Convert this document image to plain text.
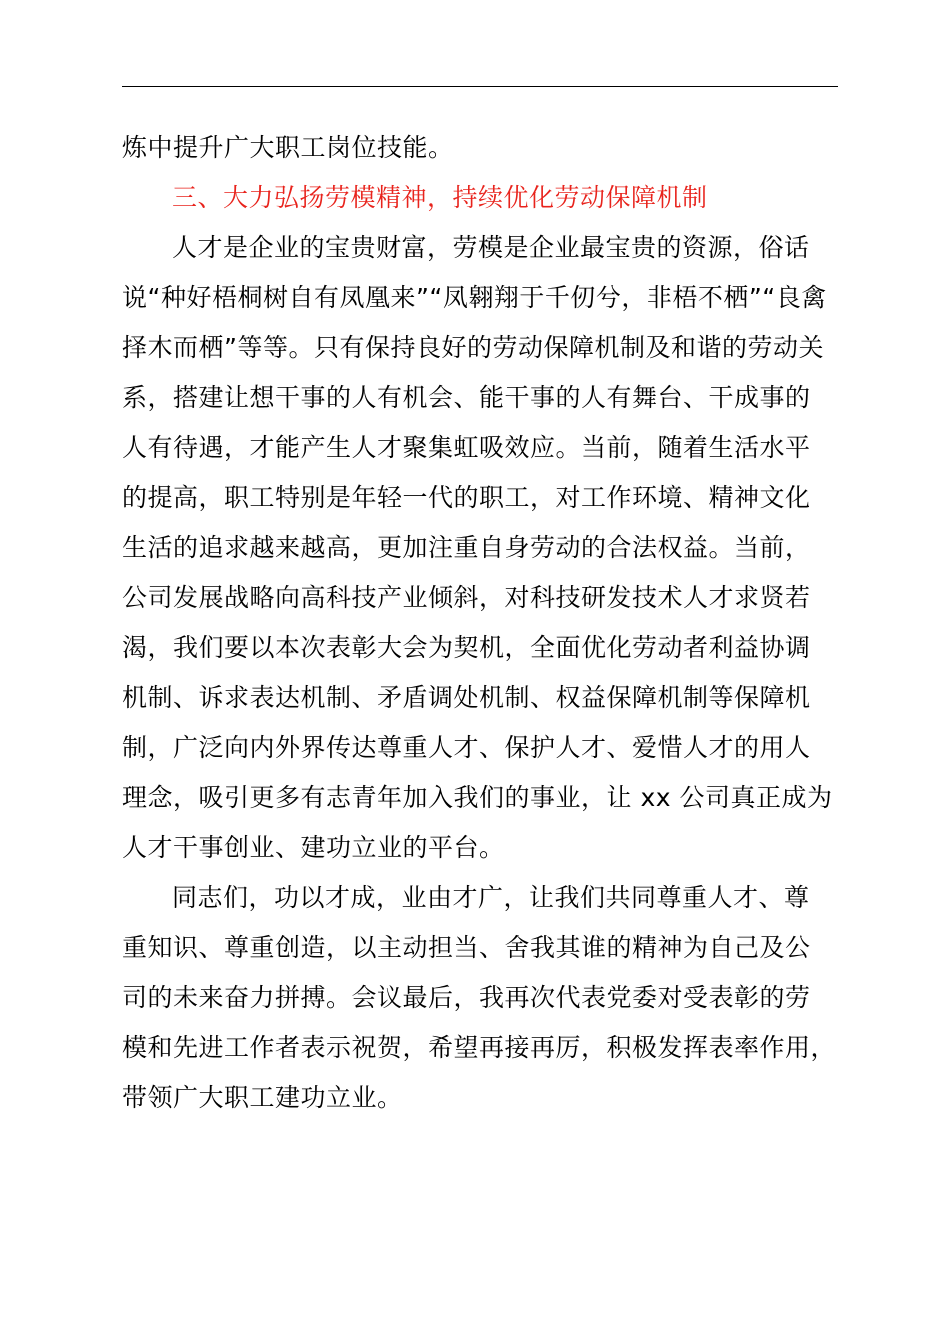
炼中提升广大职工岗位技能。
三、大力弘扬劳模精神，持续优化劳动保障机制
人才是企业的宝贵财富，劳模是企业最宝贵的资源，俗话
说“种好梧桐树自有凤凰来”“凤翱翔于千仞兮，非梧不栖”“良禽
择木而栖”等等。只有保持良好的劳动保障机制及和谐的劳动关
系，搭建让想干事的人有机会、能干事的人有舞台、干成事的
人有待遇，才能产生人才聚集虹吸效应。当前，随着生活水平
的提高，职工特别是年轻一代的职工，对工作环境、精神文化
生活的追求越来越高，更加注重自身劳动的合法权益。当前，
公司发展战略向高科技产业倾斜，对科技研发技术人才求贤若
渴，我们要以本次表彰大会为契机，全面优化劳动者利益协调
机制、诉求表达机制、矛盾调处机制、权益保障机制等保障机
制，广泛向内外界传达尊重人才、保护人才、爱惜人才的用人
理念，吸引更多有志青年加入我们的事业，让 xx 公司真正成为
人才干事创业、建功立业的平台。
同志们，功以才成，业由才广，让我们共同尊重人才、尊
重知识、尊重创造，以主动担当、舍我其谁的精神为自己及公
司的未来奋力拼搏。会议最后，我再次代表党委对受表彰的劳
模和先进工作者表示祝贺，希望再接再厉，积极发挥表率作用，
带领广大职工建功立业。
